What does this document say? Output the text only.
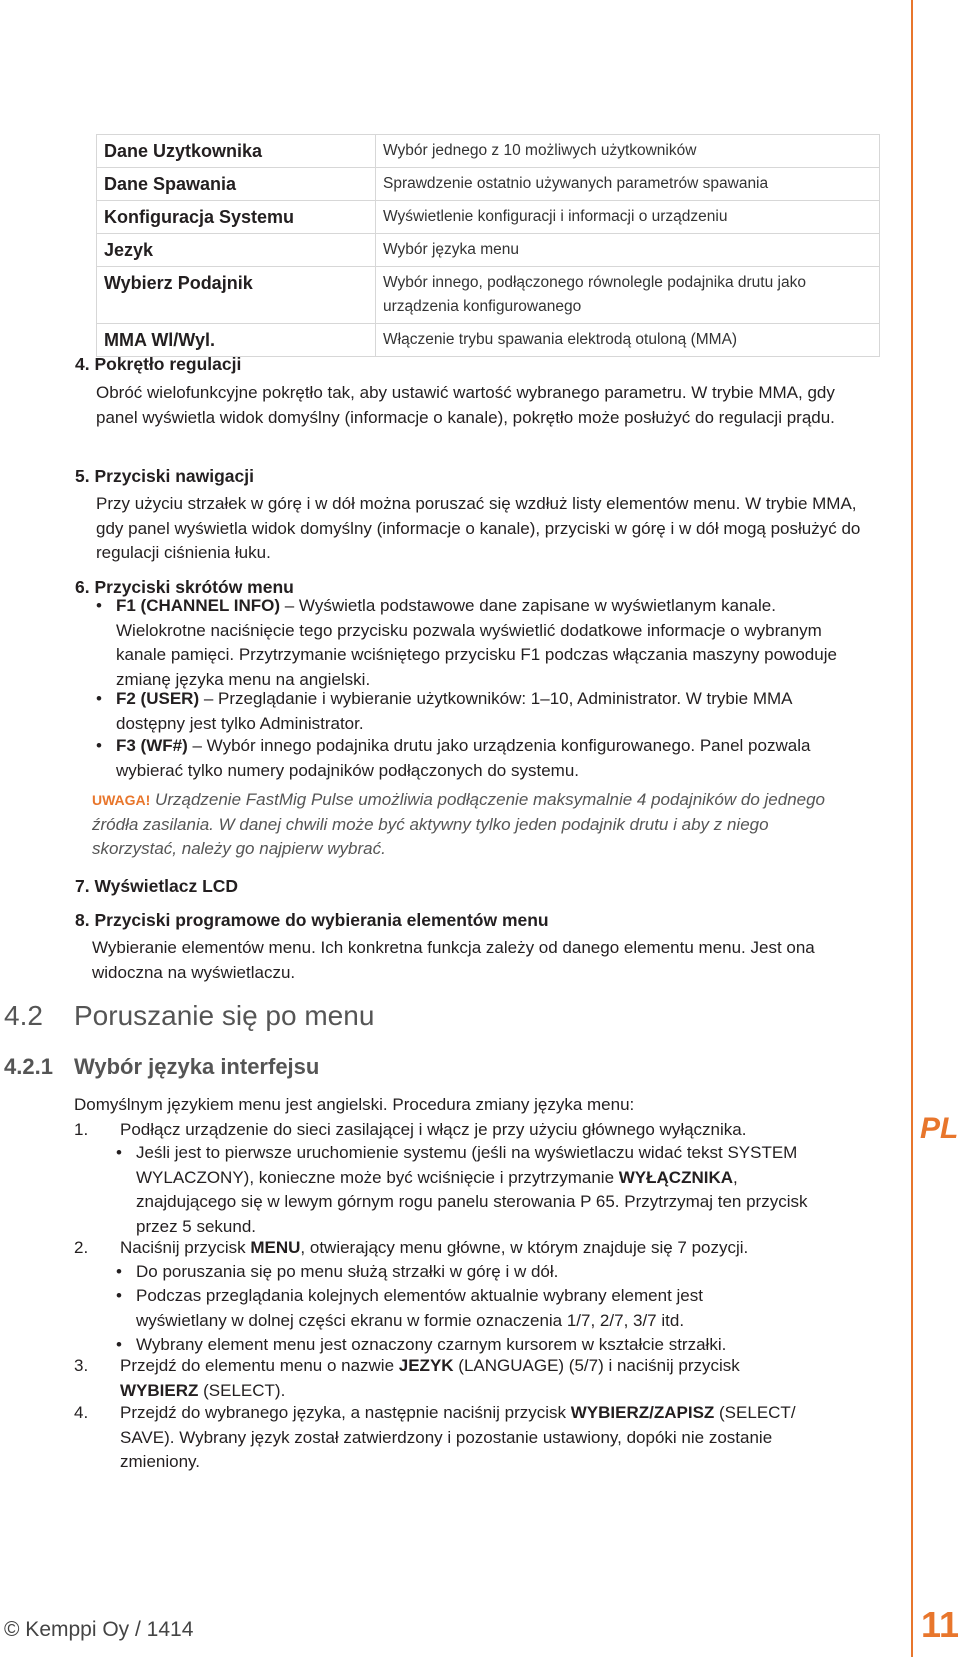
PL
Dane Uzytkownika	Wybór jednego z 10 możliwych użytkowników
Dane Spawania	Sprawdzenie ostatnio używanych parametrów spawania
Konfiguracja Systemu	Wyświetlenie konfiguracji i informacji o urządzeniu
Jezyk	Wybór języka menu
Wybierz Podajnik	Wybór innego, podłączonego równolegle podajnika drutu jako urządzenia konfigurowanego
MMA Wl/Wyl.	Włączenie trybu spawania elektrodą otuloną (MMA)
4. Pokrętło regulacji
Obróć wielofunkcyjne pokrętło tak, aby ustawić wartość wybranego parametru. W trybie MMA, gdy panel wyświetla widok domyślny (informacje o kanale), pokrętło może posłużyć do regulacji prądu.
5. Przyciski nawigacji
Przy użyciu strzałek w górę i w dół można poruszać się wzdłuż listy elementów menu. W trybie MMA, gdy panel wyświetla widok domyślny (informacje o kanale), przyciski w górę i w dół mogą posłużyć do regulacji ciśnienia łuku.
6. Przyciski skrótów menu
• F1 (CHANNEL INFO) – Wyświetla podstawowe dane zapisane w wyświetlanym kanale. Wielokrotne naciśnięcie tego przycisku pozwala wyświetlić dodatkowe informacje o wybranym kanale pamięci. Przytrzymanie wciśniętego przycisku F1 podczas włączania maszyny powoduje zmianę języka menu na angielski.
• F2 (USER) – Przeglądanie i wybieranie użytkowników: 1–10, Administrator. W trybie MMA dostępny jest tylko Administrator.
• F3 (WF#) – Wybór innego podajnika drutu jako urządzenia konfigurowanego. Panel pozwala wybierać tylko numery podajników podłączonych do systemu.
UWAGA! Urządzenie FastMig Pulse umożliwia podłączenie maksymalnie 4 podajników do jednego źródła zasilania. W danej chwili może być aktywny tylko jeden podajnik drutu i aby z niego skorzystać, należy go najpierw wybrać.
7. Wyświetlacz LCD
8. Przyciski programowe do wybierania elementów menu
Wybieranie elementów menu. Ich konkretna funkcja zależy od danego elementu menu. Jest ona widoczna na wyświetlaczu.
4.2 Poruszanie się po menu
4.2.1 Wybór języka interfejsu
Domyślnym językiem menu jest angielski. Procedura zmiany języka menu:
1. Podłącz urządzenie do sieci zasilającej i włącz je przy użyciu głównego wyłącznika.
• Jeśli jest to pierwsze uruchomienie systemu (jeśli na wyświetlaczu widać tekst SYSTEM WYLACZONY), konieczne może być wciśnięcie i przytrzymanie WYŁĄCZNIKA, znajdującego się w lewym górnym rogu panelu sterowania P 65. Przytrzymaj ten przycisk przez 5 sekund.
2. Naciśnij przycisk MENU, otwierający menu główne, w którym znajduje się 7 pozycji.
• Do poruszania się po menu służą strzałki w górę i w dół.
• Podczas przeglądania kolejnych elementów aktualnie wybrany element jest wyświetlany w dolnej części ekranu w formie oznaczenia 1/7, 2/7, 3/7 itd.
• Wybrany element menu jest oznaczony czarnym kursorem w kształcie strzałki.
3. Przejdź do elementu menu o nazwie JEZYK (LANGUAGE) (5/7) i naciśnij przycisk WYBIERZ (SELECT).
4. Przejdź do wybranego języka, a następnie naciśnij przycisk WYBIERZ/ZAPISZ (SELECT/ SAVE). Wybrany język został zatwierdzony i pozostanie ustawiony, dopóki nie zostanie zmieniony.
© Kemppi Oy / 1414	11
